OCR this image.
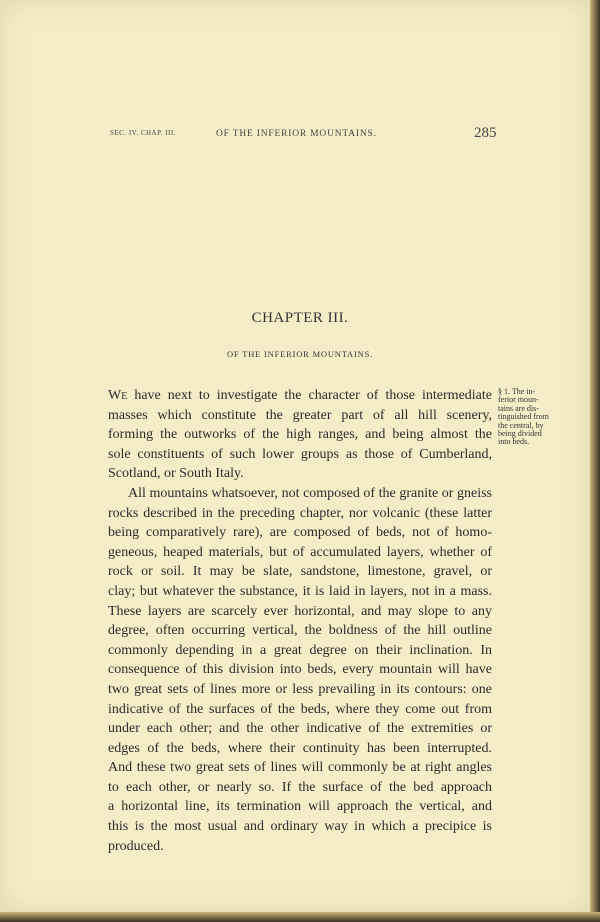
SEC. IV. CHAP. III.	OF THE INFERIOR MOUNTAINS.	285
CHAPTER III.
OF THE INFERIOR MOUNTAINS.
We have next to investigate the character of those intermediate
masses which constitute the greater part of all hill scenery,
forming the outworks of the high ranges, and being almost the
sole constituents of such lower groups as those of Cumberland,
Scotland, or South Italy.
All mountains whatsoever, not composed of the granite or gneiss
rocks described in the preceding chapter, nor volcanic (these latter
being comparatively rare), are composed of beds, not of homo-
geneous, heaped materials, but of accumulated layers, whether of
rock or soil. It may be slate, sandstone, limestone, gravel, or
clay; but whatever the substance, it is laid in layers, not in a mass.
These layers are scarcely ever horizontal, and may slope to any
degree, often occurring vertical, the boldness of the hill outline
commonly depending in a great degree on their inclination. In
consequence of this division into beds, every mountain will have
two great sets of lines more or less prevailing in its contours: one
indicative of the surfaces of the beds, where they come out from
under each other; and the other indicative of the extremities or
edges of the beds, where their continuity has been interrupted.
And these two great sets of lines will commonly be at right angles
to each other, or nearly so. If the surface of the bed approach
a horizontal line, its termination will approach the vertical, and
this is the most usual and ordinary way in which a precipice is
produced.
§ 1. The in-
ferior moun-
tains are dis-
tinguished from
the central, by
being divided
into beds.
